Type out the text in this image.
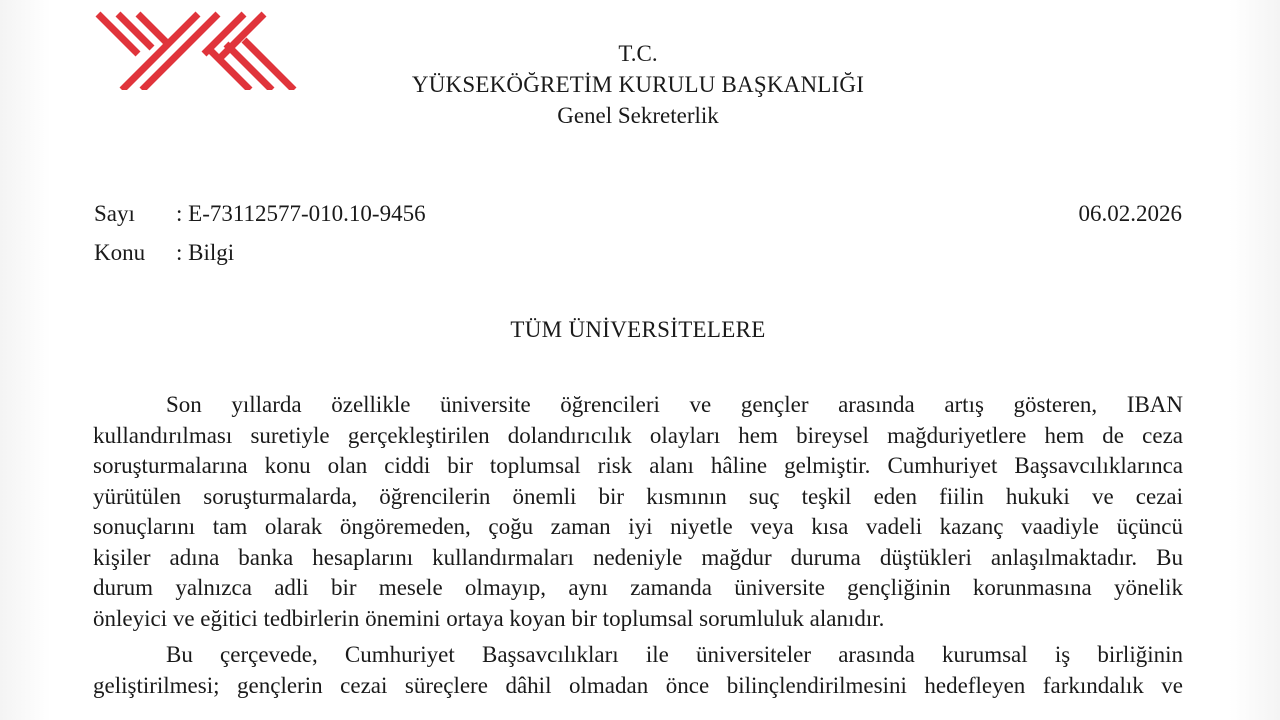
T.C.
YÜKSEKÖĞRETİM KURULU BAŞKANLIĞI
Genel Sekreterlik
Sayı : E-73112577-010.10-9456
Konu : Bilgi
06.02.2026
TÜM ÜNİVERSİTELERE

Son yıllarda özellikle üniversite öğrencileri ve gençler arasında artış gösteren, IBAN
kullandırılması suretiyle gerçekleştirilen dolandırıcılık olayları hem bireysel mağduriyetlere hem de ceza
soruşturmalarına konu olan ciddi bir toplumsal risk alanı hâline gelmiştir. Cumhuriyet Başsavcılıklarınca
yürütülen soruşturmalarda, öğrencilerin önemli bir kısmının suç teşkil eden fiilin hukuki ve cezai
sonuçlarını tam olarak öngöremeden, çoğu zaman iyi niyetle veya kısa vadeli kazanç vaadiyle üçüncü
kişiler adına banka hesaplarını kullandırmaları nedeniyle mağdur duruma düştükleri anlaşılmaktadır. Bu
durum yalnızca adli bir mesele olmayıp, aynı zamanda üniversite gençliğinin korunmasına yönelik
önleyici ve eğitici tedbirlerin önemini ortaya koyan bir toplumsal sorumluluk alanıdır.

Bu çerçevede, Cumhuriyet Başsavcılıkları ile üniversiteler arasında kurumsal iş birliğinin
geliştirilmesi; gençlerin cezai süreçlere dâhil olmadan önce bilinçlendirilmesini hedefleyen farkındalık ve
